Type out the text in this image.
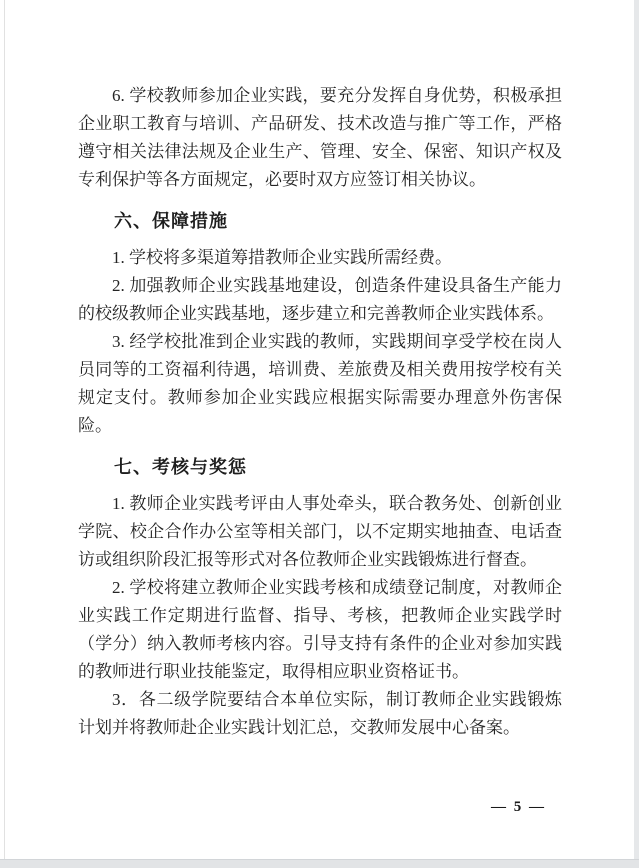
6. 学校教师参加企业实践，要充分发挥自身优势，积极承担企业职工教育与培训、产品研发、技术改造与推广等工作，严格遵守相关法律法规及企业生产、管理、安全、保密、知识产权及专利保护等各方面规定，必要时双方应签订相关协议。

六、保障措施

1. 学校将多渠道筹措教师企业实践所需经费。

2. 加强教师企业实践基地建设，创造条件建设具备生产能力的校级教师企业实践基地，逐步建立和完善教师企业实践体系。

3. 经学校批准到企业实践的教师，实践期间享受学校在岗人员同等的工资福利待遇，培训费、差旅费及相关费用按学校有关规定支付。教师参加企业实践应根据实际需要办理意外伤害保险。

七、考核与奖惩

1. 教师企业实践考评由人事处牵头，联合教务处、创新创业学院、校企合作办公室等相关部门，以不定期实地抽查、电话查访或组织阶段汇报等形式对各位教师企业实践锻炼进行督查。

2. 学校将建立教师企业实践考核和成绩登记制度，对教师企业实践工作定期进行监督、指导、考核，把教师企业实践学时（学分）纳入教师考核内容。引导支持有条件的企业对参加实践的教师进行职业技能鉴定，取得相应职业资格证书。

3．各二级学院要结合本单位实际，制订教师企业实践锻炼计划并将教师赴企业实践计划汇总，交教师发展中心备案。

— 5 —
